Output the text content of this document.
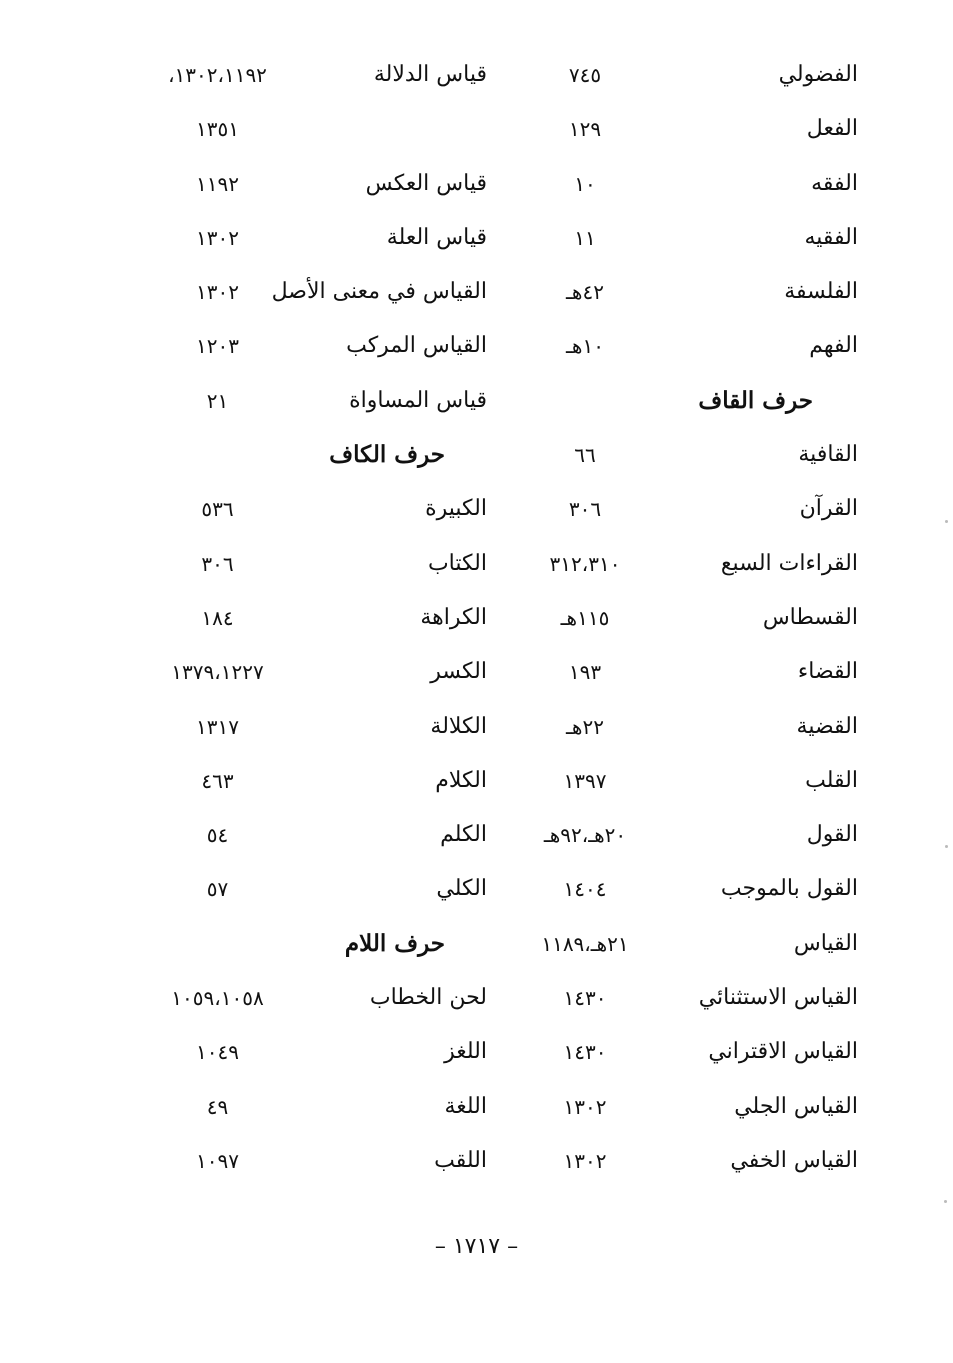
الفضولي
٧٤٥
قياس الدلالة
١٣٠٢،١١٩٢،
الفعل
١٢٩
١٣٥١
الفقه
١٠
قياس العكس
١١٩٢
الفقيه
١١
قياس العلة
١٣٠٢
الفلسفة
٤٢هـ
القياس في معنى الأصل
١٣٠٢
الفهم
١٠هـ
القياس المركب
١٢٠٣
حرف القاف
قياس المساواة
٢١
القافية
٦٦
حرف الكاف
القرآن
٣٠٦
الكبيرة
٥٣٦
القراءات السبع
٣١٢،٣١٠
الكتاب
٣٠٦
القسطاس
١١٥هـ
الكراهة
١٨٤
القضاء
١٩٣
الكسر
١٣٧٩،١٢٢٧
القضية
٢٢هـ
الكلالة
١٣١٧
القلب
١٣٩٧
الكلام
٤٦٣
القول
٢٠هـ،٩٢هـ
الكلم
٥٤
القول بالموجب
١٤٠٤
الكلي
٥٧
القياس
٢١هـ،١١٨٩
حرف اللام
القياس الاستثنائي
١٤٣٠
لحن الخطاب
١٠٥٩،١٠٥٨
القياس الاقتراني
١٤٣٠
اللغز
١٠٤٩
القياس الجلي
١٣٠٢
اللغة
٤٩
القياس الخفي
١٣٠٢
اللقب
١٠٩٧
– ١٧١٧ –
